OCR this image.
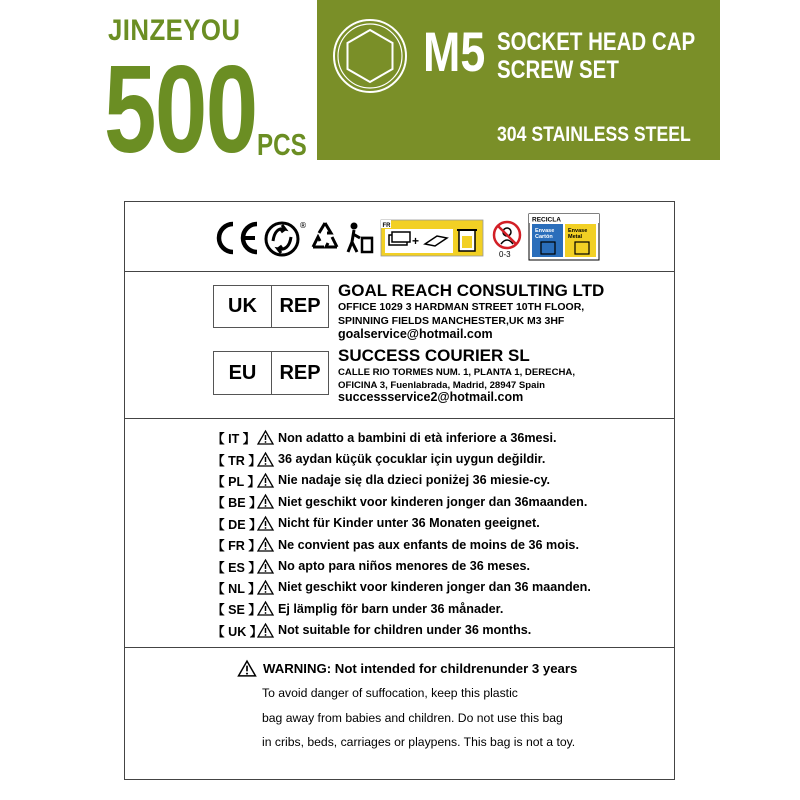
JINZEYOU
500 PCS
M5 SOCKET HEAD CAP
SCREW SET
304 STAINLESS STEEL
®	FR
+
0-3
RECICLA
Envase
Cartón
Envase
Metal
UK	REP
GOAL REACH CONSULTING LTD
OFFICE 1029 3 HARDMAN STREET 10TH FLOOR,
SPINNING FIELDS MANCHESTER,UK M3 3HF
goalservice@hotmail.com
EU	REP
SUCCESS COURIER SL
CALLE RIO TORMES NUM. 1, PLANTA 1, DERECHA,
OFICINA 3, Fuenlabrada, Madrid, 28947 Spain
successservice2@hotmail.com
【 IT 】 Non adatto a bambini di età inferiore a 36mesi.
【 TR 】 36 aydan küçük çocuklar için uygun değildir.
【 PL 】 Nie nadaje się dla dzieci poniżej 36 miesie-cy.
【 BE 】 Niet geschikt voor kinderen jonger dan 36maanden.
【 DE 】 Nicht für Kinder unter 36 Monaten geeignet.
【 FR 】 Ne convient pas aux enfants de moins de 36 mois.
【 ES 】 No apto para niños menores de 36 meses.
【 NL 】 Niet geschikt voor kinderen jonger dan 36 maanden.
【 SE 】 Ej lämplig för barn under 36 månader.
【 UK 】 Not suitable for children under 36 months.
WARNING: Not intended for childrenunder 3 years
To avoid danger of suffocation, keep this plastic
bag away from babies and children. Do not use this bag
in cribs, beds, carriages or playpens. This bag is not a toy.
